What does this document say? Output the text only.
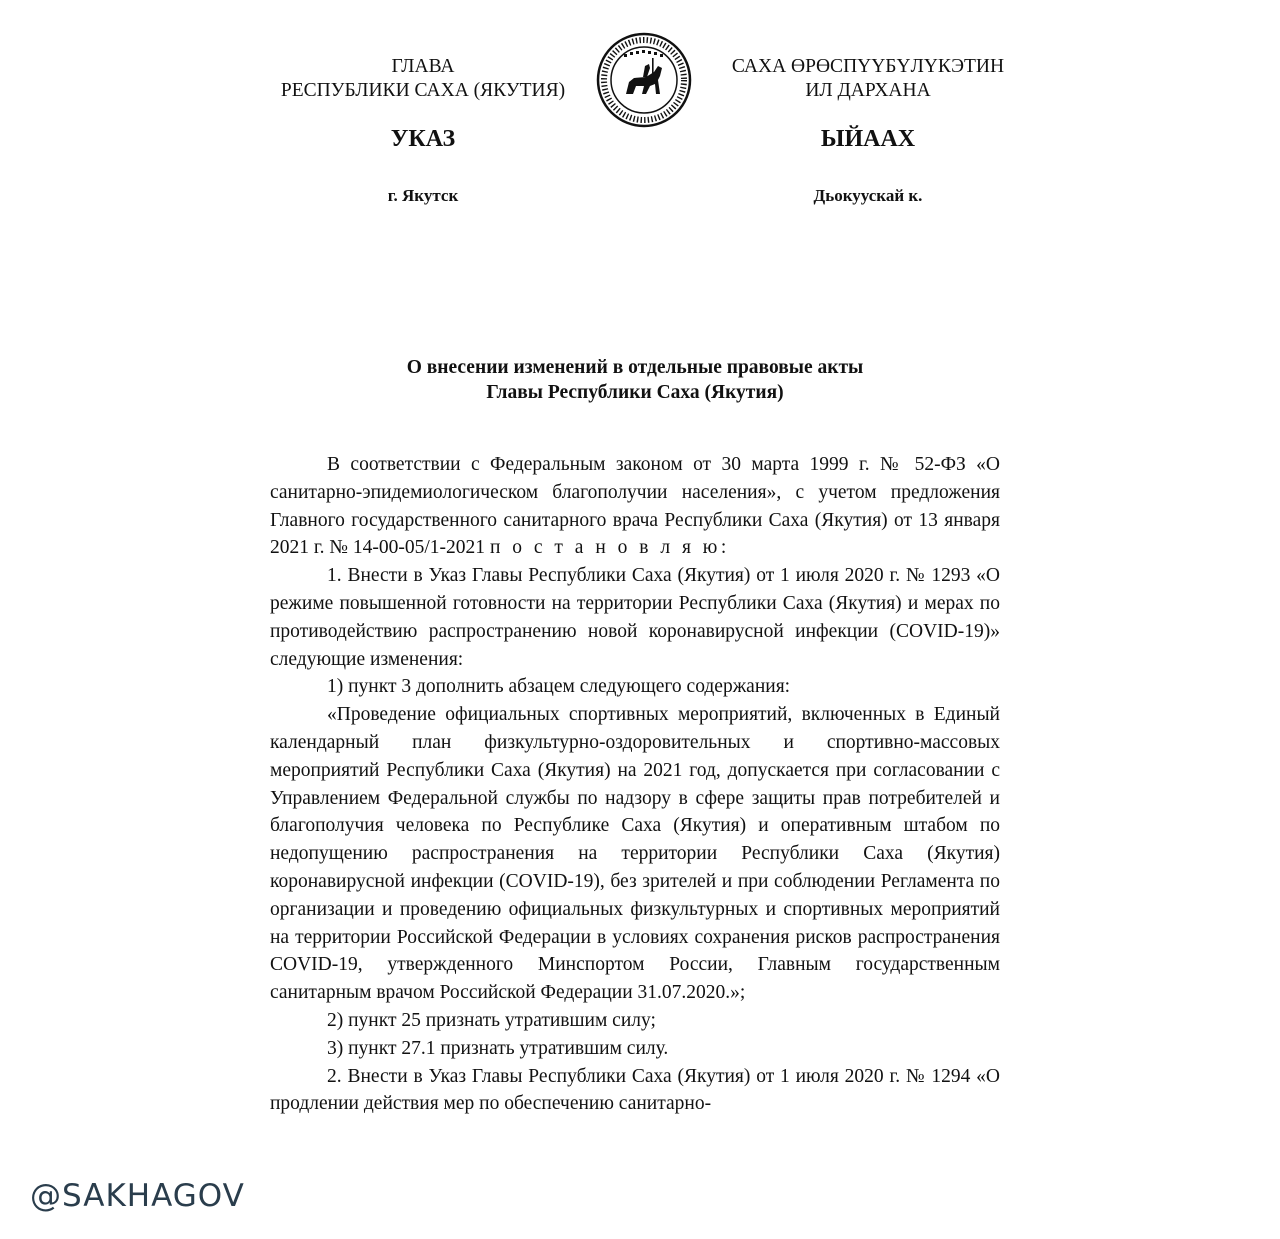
ГЛАВА
РЕСПУБЛИКИ САХА (ЯКУТИЯ)
САХА ӨРӨСПҮҮБҮЛҮКЭТИН
ИЛ ДАРХАНА
УКАЗ	ЫЙААХ
г. Якутск	Дьокуускай к.
О внесении изменений в отдельные правовые акты
Главы Республики Саха (Якутия)

В соответствии с Федеральным законом от 30 марта 1999 г. № 52-ФЗ «О санитарно-эпидемиологическом благополучии населения», с учетом предложения Главного государственного санитарного врача Республики Саха (Якутия) от 13 января 2021 г. № 14-00-05/1-2021 п о с т а н о в л я ю:

1. Внести в Указ Главы Республики Саха (Якутия) от 1 июля 2020 г. № 1293 «О режиме повышенной готовности на территории Республики Саха (Якутия) и мерах по противодействию распространению новой коронавирусной инфекции (COVID-19)» следующие изменения:

1) пункт 3 дополнить абзацем следующего содержания:

«Проведение официальных спортивных мероприятий, включенных в Единый календарный план физкультурно-оздоровительных и спортивно-массовых мероприятий Республики Саха (Якутия) на 2021 год, допускается при согласовании с Управлением Федеральной службы по надзору в сфере защиты прав потребителей и благополучия человека по Республике Саха (Якутия) и оперативным штабом по недопущению распространения на территории Республики Саха (Якутия) коронавирусной инфекции (COVID-19), без зрителей и при соблюдении Регламента по организации и проведению официальных физкультурных и спортивных мероприятий на территории Российской Федерации в условиях сохранения рисков распространения COVID-19, утвержденного Минспортом России, Главным государственным санитарным врачом Российской Федерации 31.07.2020.»;

2) пункт 25 признать утратившим силу;

3) пункт 27.1 признать утратившим силу.

2. Внести в Указ Главы Республики Саха (Якутия) от 1 июля 2020 г. № 1294 «О продлении действия мер по обеспечению санитарно-

@SAKHAGOV
